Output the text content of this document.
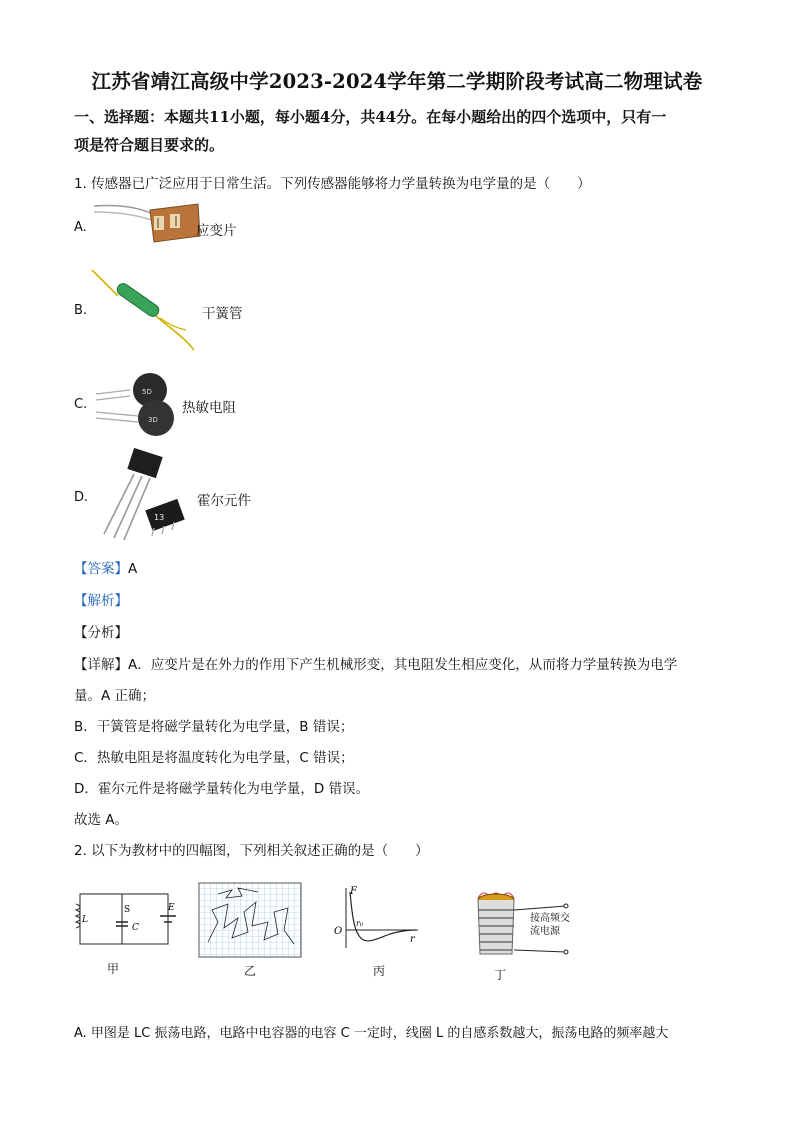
江苏省靖江高级中学2023-2024学年第二学期阶段考试高二物理试卷
一、选择题：本题共11小题，每小题4分，共44分。在每小题给出的四个选项中，只有一
项是符合题目要求的。
1. 传感器已广泛应用于日常生活。下列传感器能够将力学量转换为电学量的是（　　）
A.	应变片
B.	干簧管
C.
5D
3D
热敏电阻
D.
13
霍尔元件
【答案】A
【解析】
【分析】
【详解】A．应变片是在外力的作用下产生机械形变，其电阻发生相应变化，从而将力学量转换为电学
量。A 正确；
B．干簧管是将磁学量转化为电学量，B 错误；
C．热敏电阻是将温度转化为电学量，C 错误；
D．霍尔元件是将磁学量转化为电学量，D 错误。
故选 A。
2. 以下为教材中的四幅图，下列相关叙述正确的是（　　）
L
S
C
E
甲	乙
F
O
r₀
r
丙
接高频交
流电源
丁
A. 甲图是 LC 振荡电路，电路中电容器的电容 C 一定时，线圈 L 的自感系数越大，振荡电路的频率越大
